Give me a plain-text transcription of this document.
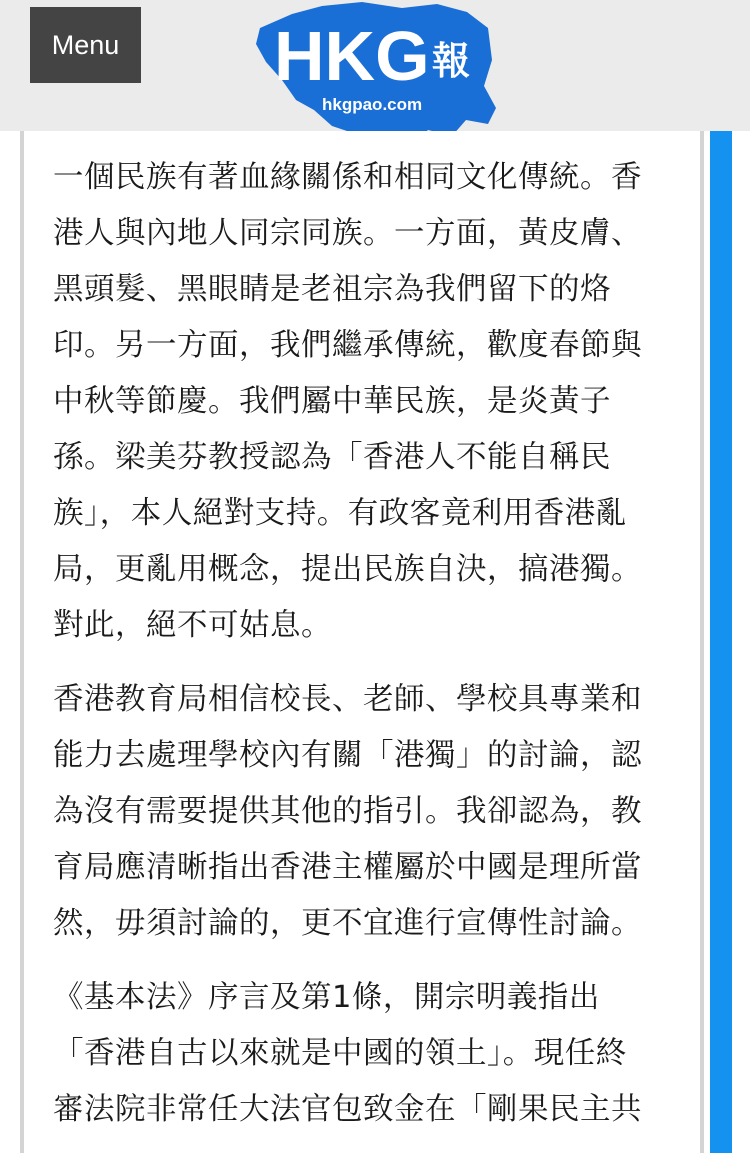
Menu	HKG 報
hkgpao.com

一個民族有著血緣關係和相同文化傳統。香
港人與內地人同宗同族。一方面，黃皮膚、
黑頭髮、黑眼睛是老祖宗為我們留下的烙
印。另一方面，我們繼承傳統，歡度春節與
中秋等節慶。我們屬中華民族，是炎黃子
孫。梁美芬教授認為「香港人不能自稱民
族」，本人絕對支持。有政客竟利用香港亂
局，更亂用概念，提出民族自決，搞港獨。
對此，絕不可姑息。

香港教育局相信校長、老師、學校具專業和
能力去處理學校內有關「港獨」的討論，認
為沒有需要提供其他的指引。我卻認為，教
育局應清晰指出香港主權屬於中國是理所當
然，毋須討論的，更不宜進行宣傳性討論。

《基本法》序言及第1條，開宗明義指出
「香港自古以來就是中國的領土」。現任終
審法院非常任大法官包致金在「剛果民主共
